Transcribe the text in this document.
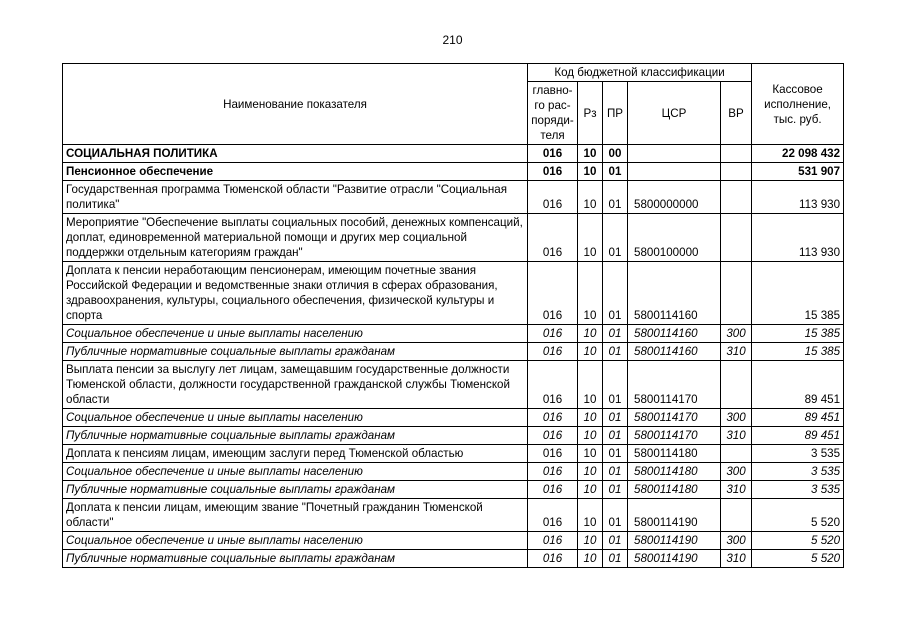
210
Наименование показателя	Код бюджетной классификации					Кассовое исполнение, тыс. руб.
	главно-го рас-поряди-теля	Рз	ПР	ЦСР	ВР	
СОЦИАЛЬНАЯ ПОЛИТИКА	016	10	00			22 098 432
Пенсионное обеспечение	016	10	01			531 907
Государственная программа Тюменской области "Развитие отрасли "Социальная политика"	016	10	01	5800000000		113 930
Мероприятие "Обеспечение выплаты социальных пособий, денежных компенсаций, доплат, единовременной материальной помощи и других мер социальной поддержки отдельным категориям граждан"	016	10	01	5800100000		113 930
Доплата к пенсии неработающим пенсионерам, имеющим почетные звания Российской Федерации и ведомственные знаки отличия в сферах образования, здравоохранения, культуры, социального обеспечения, физической культуры и спорта	016	10	01	5800114160		15 385
Социальное обеспечение и иные выплаты населению	016	10	01	5800114160	300	15 385
Публичные нормативные социальные выплаты гражданам	016	10	01	5800114160	310	15 385
Выплата пенсии за выслугу лет лицам, замещавшим государственные должности Тюменской области, должности государственной гражданской службы Тюменской области	016	10	01	5800114170		89 451
Социальное обеспечение и иные выплаты населению	016	10	01	5800114170	300	89 451
Публичные нормативные социальные выплаты гражданам	016	10	01	5800114170	310	89 451
Доплата к пенсиям лицам, имеющим заслуги перед Тюменской областью	016	10	01	5800114180		3 535
Социальное обеспечение и иные выплаты населению	016	10	01	5800114180	300	3 535
Публичные нормативные социальные выплаты гражданам	016	10	01	5800114180	310	3 535
Доплата к пенсии лицам, имеющим звание "Почетный гражданин Тюменской области"	016	10	01	5800114190		5 520
Социальное обеспечение и иные выплаты населению	016	10	01	5800114190	300	5 520
Публичные нормативные социальные выплаты гражданам	016	10	01	5800114190	310	5 520
